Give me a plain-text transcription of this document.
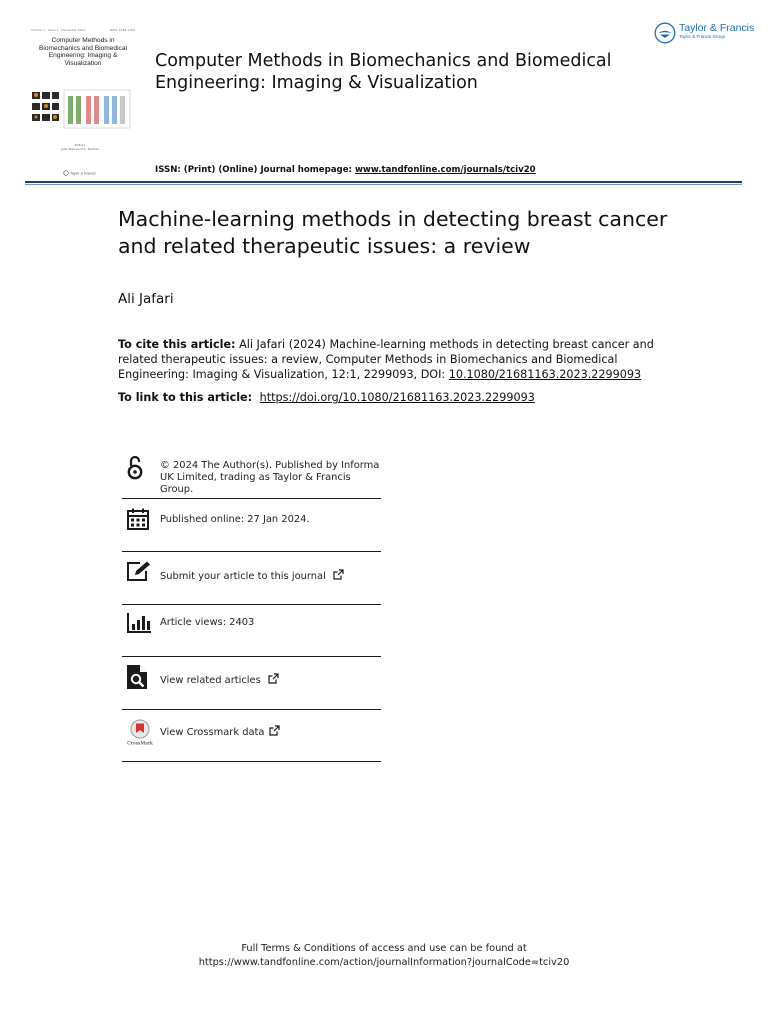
Volume 1 · Issue 1 · December 2013	ISSN: 2168-1163
Computer Methods in
Biomechanics and Biomedical
Engineering: Imaging &
Visualization
Editors
João Manuel R.S. Tavares
Taylor & Francis
Computer Methods in Biomechanics and Biomedical Engineering: Imaging & Visualization
Taylor & Francis
Taylor & Francis Group
ISSN: (Print) (Online) Journal homepage: www.tandfonline.com/journals/tciv20
Machine-learning methods in detecting breast cancer and related therapeutic issues: a review

Ali Jafari

To cite this article: Ali Jafari (2024) Machine-learning methods in detecting breast cancer and related therapeutic issues: a review, Computer Methods in Biomechanics and Biomedical Engineering: Imaging & Visualization, 12:1, 2299093, DOI: 10.1080/21681163.2023.2299093

To link to this article: https://doi.org/10.1080/21681163.2023.2299093

© 2024 The Author(s). Published by Informa UK Limited, trading as Taylor & Francis Group.
Published online: 27 Jan 2024.
Submit your article to this journal
Article views: 2403
View related articles
CrossMark
View Crossmark data
Full Terms & Conditions of access and use can be found at
https://www.tandfonline.com/action/journalInformation?journalCode=tciv20
